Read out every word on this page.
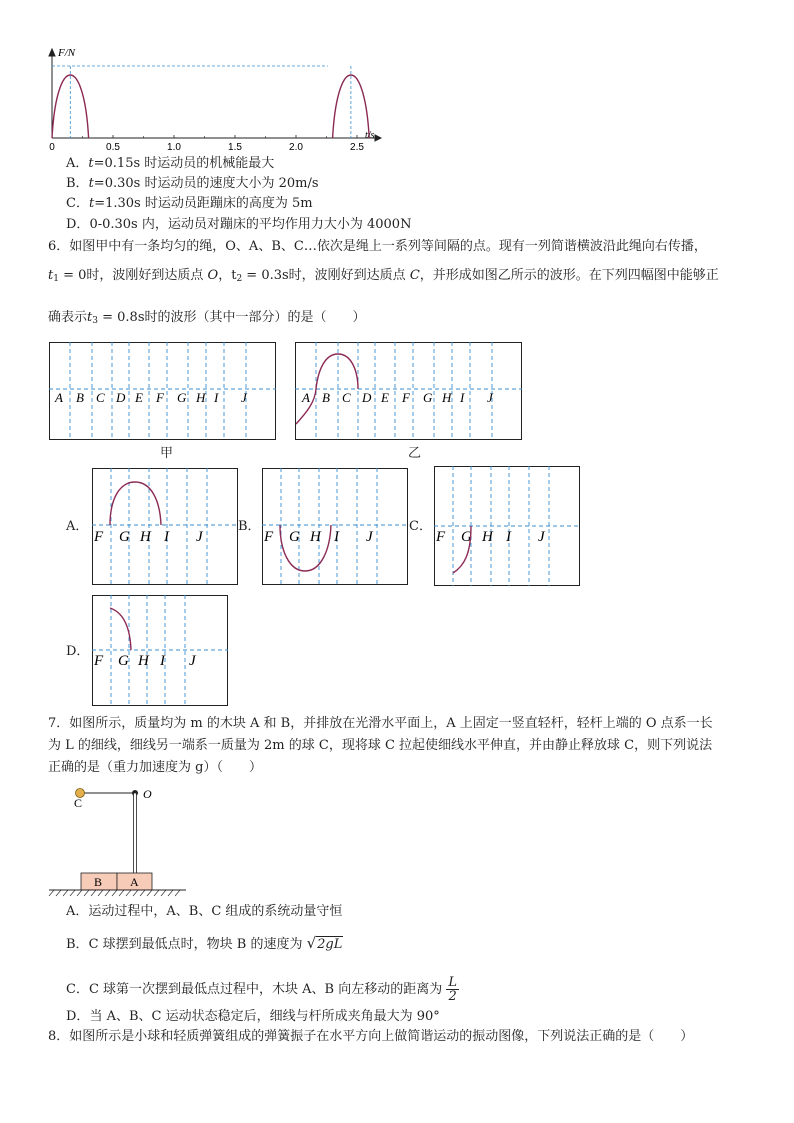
0	0.5	1.0	1.5	2.0	2.5
F/N
t/s
A．t=0.15s 时运动员的机械能最大
B．t=0.30s 时运动员的速度大小为 20m/s
C．t=1.30s 时运动员距蹦床的高度为 5m
D．0-0.30s 内，运动员对蹦床的平均作用力大小为 4000N
6．如图甲中有一条均匀的绳，O、A、B、C…依次是绳上一系列等间隔的点。现有一列简谐横波沿此绳向右传播，
$t_1 = 0$时，波刚好到达质点 O，$t_2 = 0.3s$时，波刚好到达质点 C，并形成如图乙所示的波形。在下列四幅图中能够正
确表示$t_3 = 0.8s$时的波形（其中一部分）的是（　　）
A B C D E F G H I J	A B C D E F G H I J
甲	乙
A．
F G H I J
B．
F G H I J
C．
F G H I J
D．
F G H I J
7．如图所示，质量均为 m 的木块 A 和 B，并排放在光滑水平面上，A 上固定一竖直轻杆，轻杆上端的 O 点系一长
为 L 的细线，细线另一端系一质量为 2m 的球 C，现将球 C 拉起使细线水平伸直，并由静止释放球 C，则下列说法
正确的是（重力加速度为 g）（　　）
C
O
B A
A．运动过程中，A、B、C 组成的系统动量守恒
B．C 球摆到最低点时，物块 B 的速度为 √2gL
C．C 球第一次摆到最低点过程中，木块 A、B 向左移动的距离为 $\frac{L}{2}$
D．当 A、B、C 运动状态稳定后，细线与杆所成夹角最大为 90°
8．如图所示是小球和轻质弹簧组成的弹簧振子在水平方向上做简谐运动的振动图像，下列说法正确的是（　　）
